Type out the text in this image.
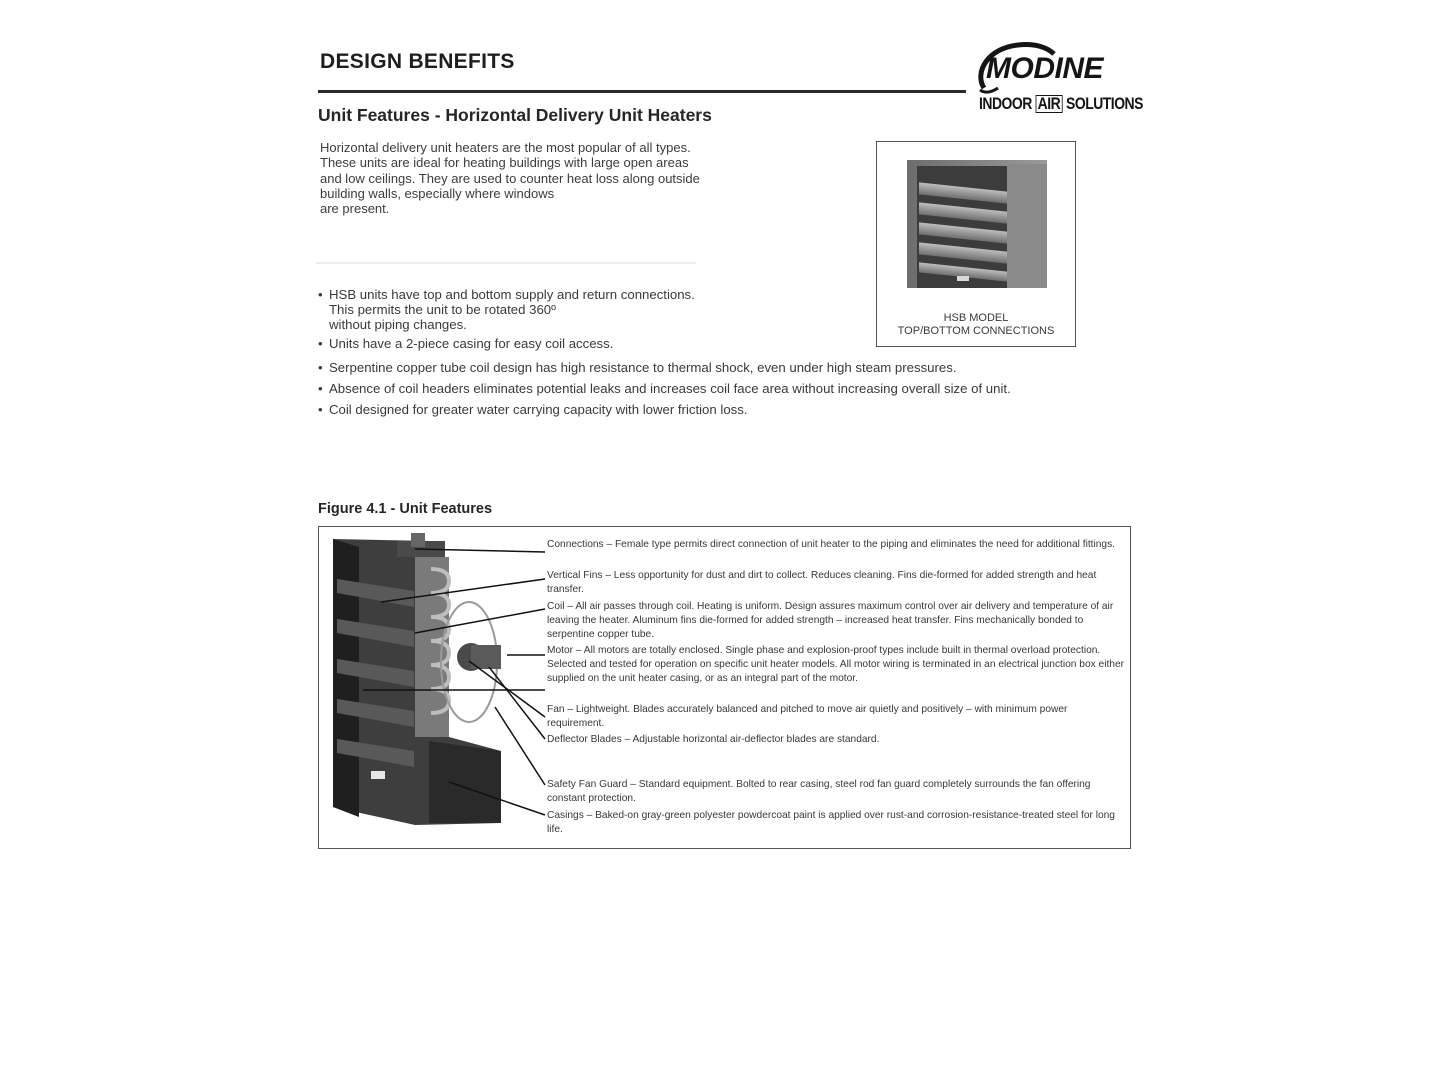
DESIGN BENEFITS	MODINE
INDOOR AIR SOLUTIONS
Unit Features - Horizontal Delivery Unit Heaters

Horizontal delivery unit heaters are the most popular of all types.
These units are ideal for heating buildings with large open areas
and low ceilings. They are used to counter heat loss along outside
building walls, especially where windows
are present.

• HSB units have top and bottom supply and return connections.
This permits the unit to be rotated 360º
without piping changes.
• Units have a 2-piece casing for easy coil access.
• Serpentine copper tube coil design has high resistance to thermal shock, even under high steam pressures.
• Absence of coil headers eliminates potential leaks and increases coil face area without increasing overall size of unit.
• Coil designed for greater water carrying capacity with lower friction loss.
HSB MODEL
TOP/BOTTOM CONNECTIONS
Figure 4.1 - Unit Features
Connections – Female type permits direct connection of unit heater to the piping and eliminates the need for additional fittings.
Vertical Fins – Less opportunity for dust and dirt to collect. Reduces cleaning. Fins die-formed for added strength and heat transfer.
Coil – All air passes through coil. Heating is uniform. Design assures maximum control over air delivery and temperature of air leaving the heater. Aluminum fins die-formed for added strength – increased heat transfer. Fins mechanically bonded to serpentine copper tube.
Motor – All motors are totally enclosed. Single phase and explosion-proof types include built in thermal overload protection. Selected and tested for operation on specific unit heater models. All motor wiring is terminated in an electrical junction box either supplied on the unit heater casing, or as an integral part of the motor.
Fan – Lightweight. Blades accurately balanced and pitched to move air quietly and positively – with minimum power requirement.
Deflector Blades – Adjustable horizontal air-deflector blades are standard.
Safety Fan Guard – Standard equipment. Bolted to rear casing, steel rod fan guard completely surrounds the fan offering constant protection.
Casings – Baked-on gray-green polyester powdercoat paint is applied over rust-and corrosion-resistance-treated steel for long life.
